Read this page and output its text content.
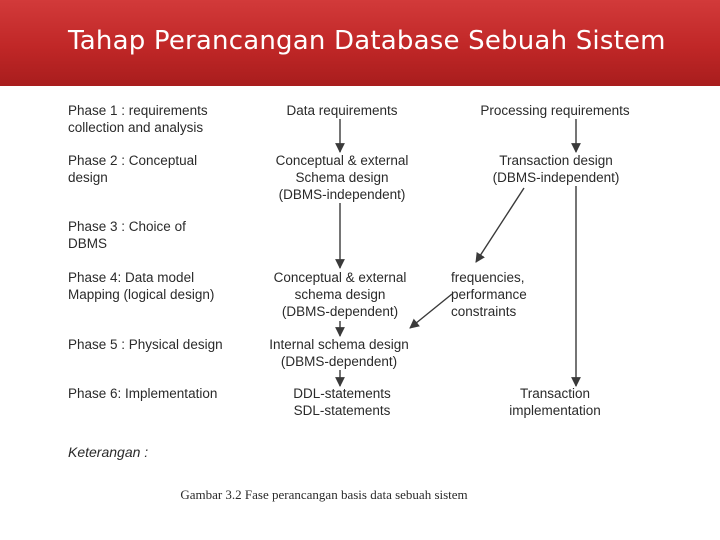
Tahap Perancangan Database Sebuah Sistem
Phase 1 : requirements
collection and analysis
Phase 2 : Conceptual
design
Phase 3 : Choice of
DBMS
Phase 4: Data model
Mapping (logical design)
Phase 5 : Physical design
Phase 6: Implementation
Data requirements
Conceptual & external
Schema design
(DBMS-independent)
Conceptual & external
schema design
(DBMS-dependent)
Internal schema design
(DBMS-dependent)
DDL-statements
SDL-statements
Processing requirements
Transaction design
(DBMS-independent)
frequencies,
performance
constraints
Transaction
implementation
Keterangan :
Gambar 3.2 Fase perancangan basis data sebuah sistem
